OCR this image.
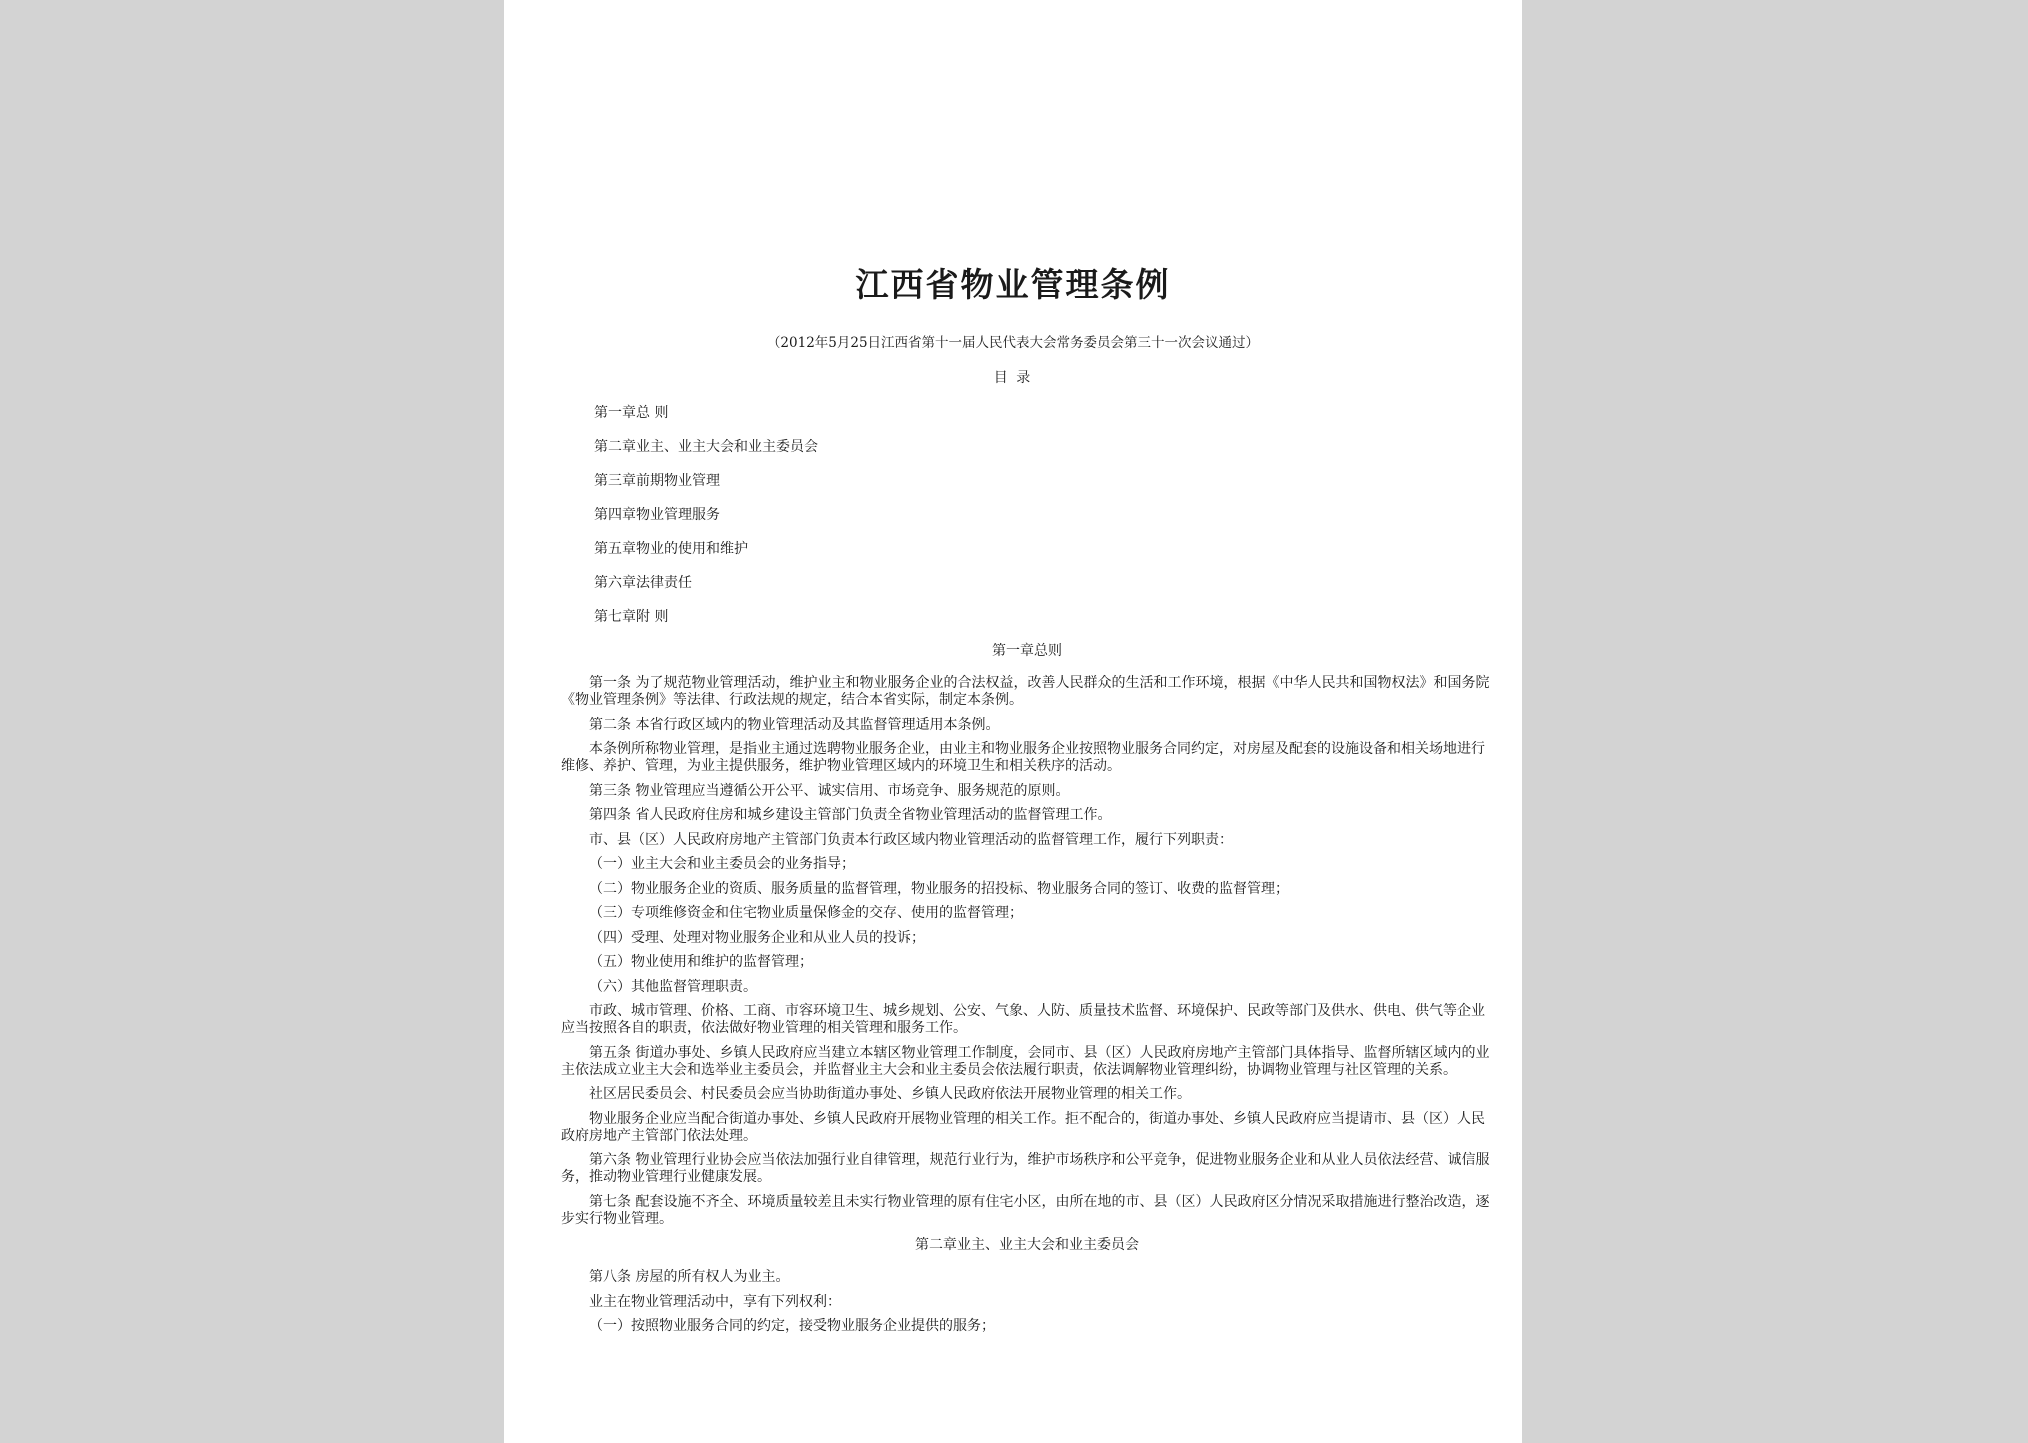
江西省物业管理条例
（2012年5月25日江西省第十一届人民代表大会常务委员会第三十一次会议通过）
目 录
第一章总 则
第二章业主、业主大会和业主委员会
第三章前期物业管理
第四章物业管理服务
第五章物业的使用和维护
第六章法律责任
第七章附 则
第一章总则

第一条 为了规范物业管理活动，维护业主和物业服务企业的合法权益，改善人民群众的生活和工作环境，根据《中华人民共和国物权法》和国务院《物业管理条例》等法律、行政法规的规定，结合本省实际，制定本条例。

第二条 本省行政区域内的物业管理活动及其监督管理适用本条例。

本条例所称物业管理，是指业主通过选聘物业服务企业，由业主和物业服务企业按照物业服务合同约定，对房屋及配套的设施设备和相关场地进行维修、养护、管理，为业主提供服务，维护物业管理区域内的环境卫生和相关秩序的活动。

第三条 物业管理应当遵循公开公平、诚实信用、市场竞争、服务规范的原则。

第四条 省人民政府住房和城乡建设主管部门负责全省物业管理活动的监督管理工作。

市、县（区）人民政府房地产主管部门负责本行政区域内物业管理活动的监督管理工作，履行下列职责：

（一）业主大会和业主委员会的业务指导；

（二）物业服务企业的资质、服务质量的监督管理，物业服务的招投标、物业服务合同的签订、收费的监督管理；

（三）专项维修资金和住宅物业质量保修金的交存、使用的监督管理；

（四）受理、处理对物业服务企业和从业人员的投诉；

（五）物业使用和维护的监督管理；

（六）其他监督管理职责。

市政、城市管理、价格、工商、市容环境卫生、城乡规划、公安、气象、人防、质量技术监督、环境保护、民政等部门及供水、供电、供气等企业应当按照各自的职责，依法做好物业管理的相关管理和服务工作。

第五条 街道办事处、乡镇人民政府应当建立本辖区物业管理工作制度，会同市、县（区）人民政府房地产主管部门具体指导、监督所辖区域内的业主依法成立业主大会和选举业主委员会，并监督业主大会和业主委员会依法履行职责，依法调解物业管理纠纷，协调物业管理与社区管理的关系。

社区居民委员会、村民委员会应当协助街道办事处、乡镇人民政府依法开展物业管理的相关工作。

物业服务企业应当配合街道办事处、乡镇人民政府开展物业管理的相关工作。拒不配合的，街道办事处、乡镇人民政府应当提请市、县（区）人民政府房地产主管部门依法处理。

第六条 物业管理行业协会应当依法加强行业自律管理，规范行业行为，维护市场秩序和公平竞争，促进物业服务企业和从业人员依法经营、诚信服务，推动物业管理行业健康发展。

第七条 配套设施不齐全、环境质量较差且未实行物业管理的原有住宅小区，由所在地的市、县（区）人民政府区分情况采取措施进行整治改造，逐步实行物业管理。

第二章业主、业主大会和业主委员会

第八条 房屋的所有权人为业主。

业主在物业管理活动中，享有下列权利：

（一）按照物业服务合同的约定，接受物业服务企业提供的服务；
